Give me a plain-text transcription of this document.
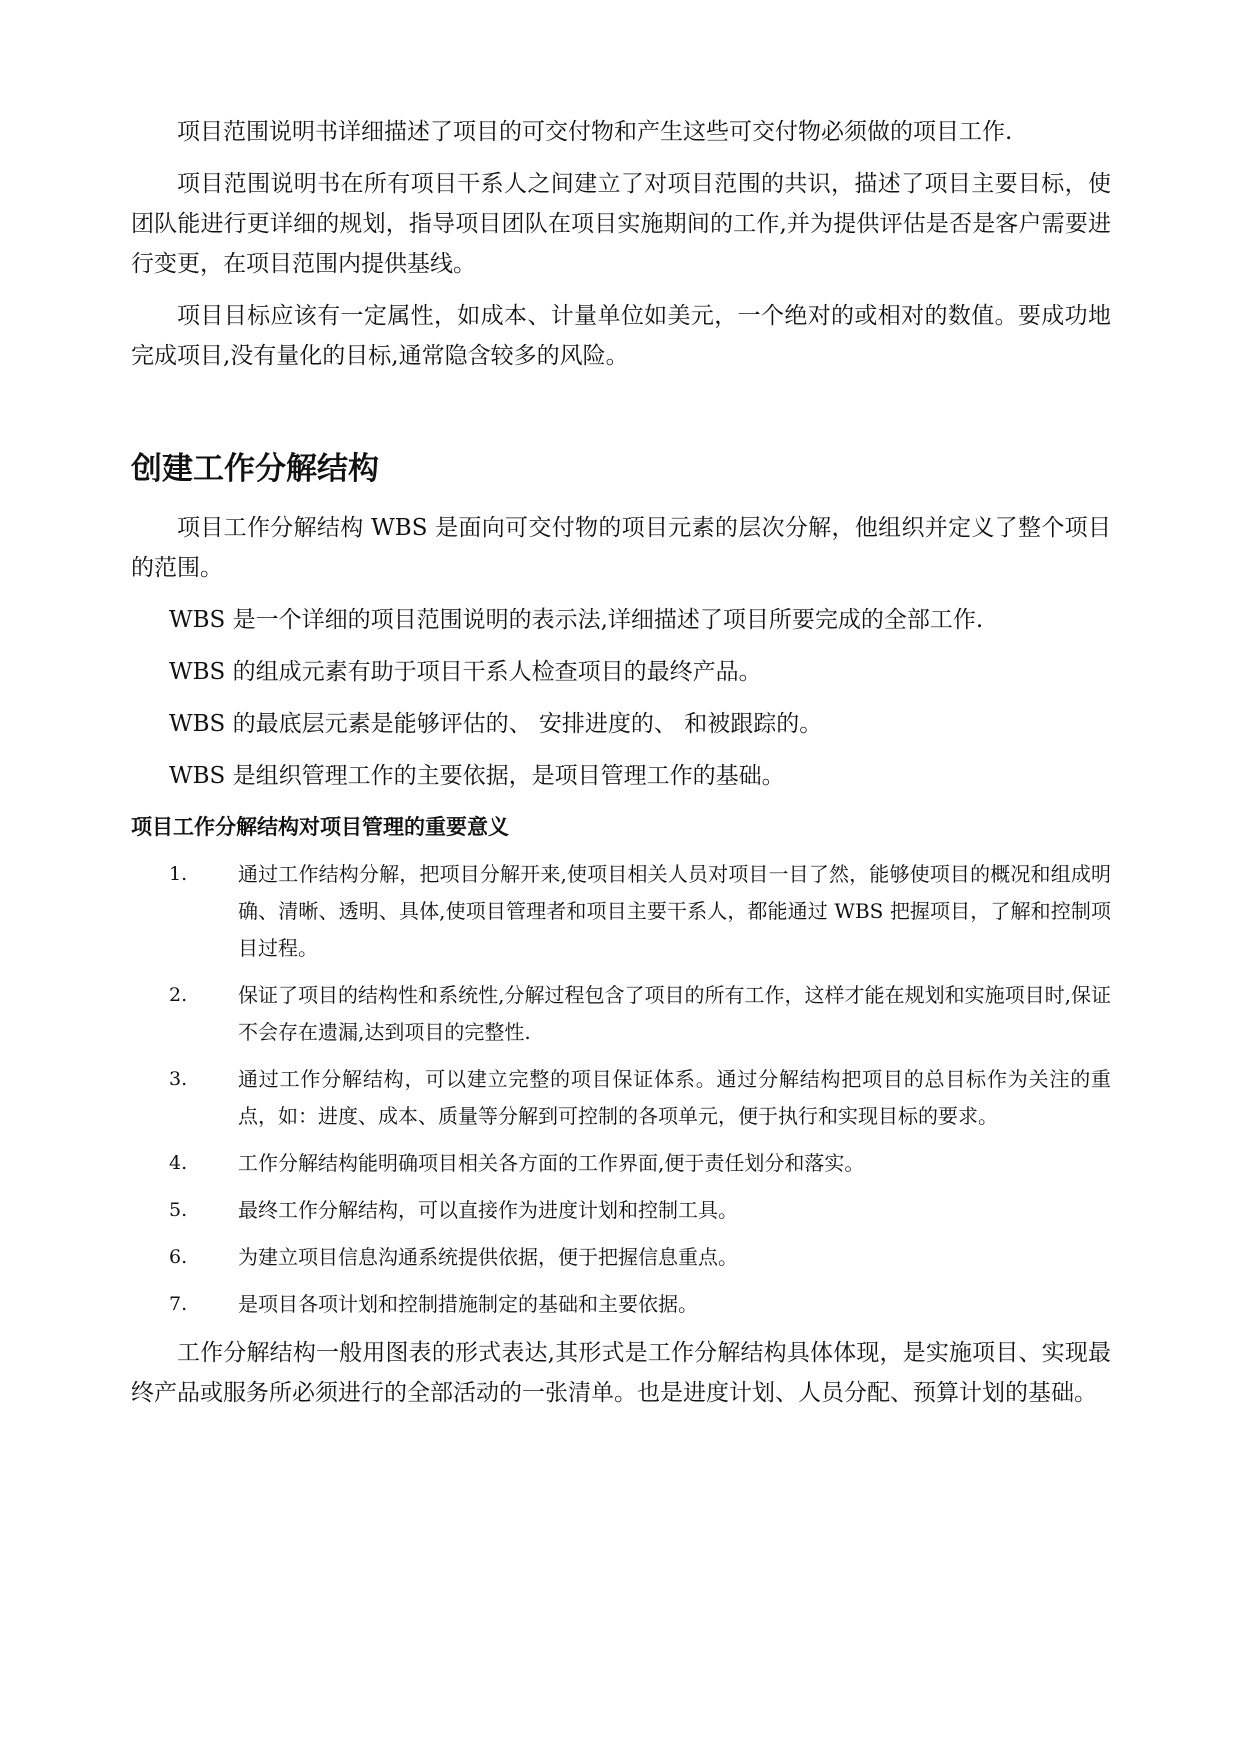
项目范围说明书详细描述了项目的可交付物和产生这些可交付物必须做的项目工作.

项目范围说明书在所有项目干系人之间建立了对项目范围的共识，描述了项目主要目标，使团队能进行更详细的规划，指导项目团队在项目实施期间的工作,并为提供评估是否是客户需要进行变更，在项目范围内提供基线。

项目目标应该有一定属性，如成本、计量单位如美元，一个绝对的或相对的数值。要成功地完成项目,没有量化的目标,通常隐含较多的风险。

创建工作分解结构

项目工作分解结构 WBS 是面向可交付物的项目元素的层次分解，他组织并定义了整个项目的范围。

WBS 是一个详细的项目范围说明的表示法,详细描述了项目所要完成的全部工作.

WBS 的组成元素有助于项目干系人检查项目的最终产品。

WBS 的最底层元素是能够评估的、 安排进度的、 和被跟踪的。

WBS 是组织管理工作的主要依据，是项目管理工作的基础。

项目工作分解结构对项目管理的重要意义
1.	通过工作结构分解，把项目分解开来,使项目相关人员对项目一目了然，能够使项目的概况和组成明确、清晰、透明、具体,使项目管理者和项目主要干系人，都能通过 WBS 把握项目，了解和控制项目过程。
2.	保证了项目的结构性和系统性,分解过程包含了项目的所有工作，这样才能在规划和实施项目时,保证不会存在遗漏,达到项目的完整性.
3.	通过工作分解结构，可以建立完整的项目保证体系。通过分解结构把项目的总目标作为关注的重点，如：进度、成本、质量等分解到可控制的各项单元，便于执行和实现目标的要求。
4.	工作分解结构能明确项目相关各方面的工作界面,便于责任划分和落实。
5.	最终工作分解结构，可以直接作为进度计划和控制工具。
6.	为建立项目信息沟通系统提供依据，便于把握信息重点。
7.	是项目各项计划和控制措施制定的基础和主要依据。

工作分解结构一般用图表的形式表达,其形式是工作分解结构具体体现，是实施项目、实现最终产品或服务所必须进行的全部活动的一张清单。也是进度计划、人员分配、预算计划的基础。
